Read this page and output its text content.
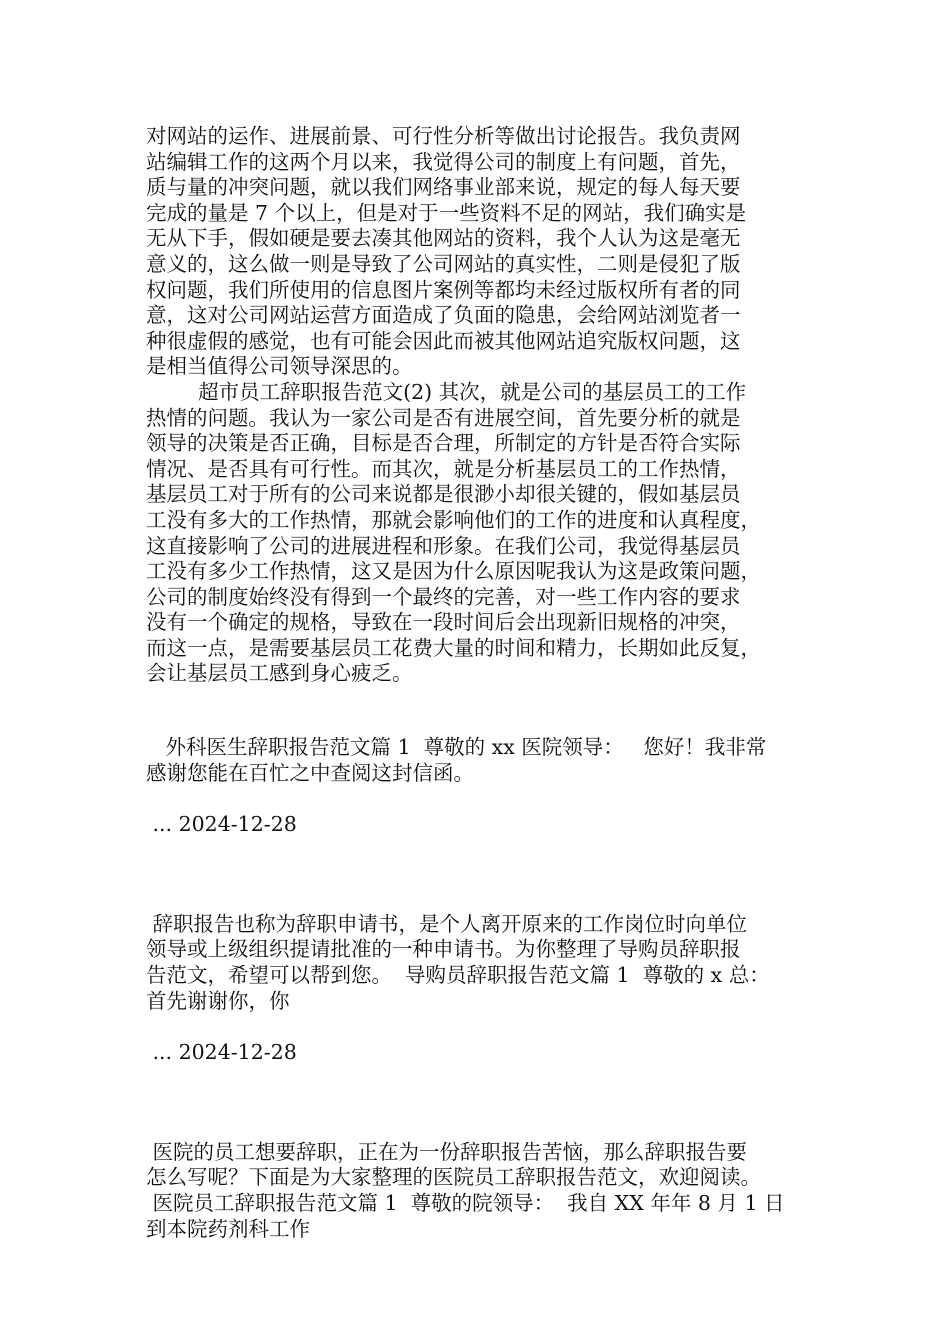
对网站的运作、进展前景、可行性分析等做出讨论报告。我负责网
站编辑工作的这两个月以来，我觉得公司的制度上有问题，首先，
质与量的冲突问题，就以我们网络事业部来说，规定的每人每天要
完成的量是 7 个以上，但是对于一些资料不足的网站，我们确实是
无从下手，假如硬是要去凑其他网站的资料，我个人认为这是毫无
意义的，这么做一则是导致了公司网站的真实性，二则是侵犯了版
权问题，我们所使用的信息图片案例等都均未经过版权所有者的同
意，这对公司网站运营方面造成了负面的隐患，会给网站浏览者一
种很虚假的感觉，也有可能会因此而被其他网站追究版权问题，这
是相当值得公司领导深思的。
超市员工辞职报告范文(2) 其次，就是公司的基层员工的工作
热情的问题。我认为一家公司是否有进展空间，首先要分析的就是
领导的决策是否正确，目标是否合理，所制定的方针是否符合实际
情况、是否具有可行性。而其次，就是分析基层员工的工作热情，
基层员工对于所有的公司来说都是很渺小却很关键的，假如基层员
工没有多大的工作热情，那就会影响他们的工作的进度和认真程度，
这直接影响了公司的进展进程和形象。在我们公司，我觉得基层员
工没有多少工作热情，这又是因为什么原因呢我认为这是政策问题，
公司的制度始终没有得到一个最终的完善，对一些工作内容的要求
没有一个确定的规格，导致在一段时间后会出现新旧规格的冲突，
而这一点，是需要基层员工花费大量的时间和精力，长期如此反复，
会让基层员工感到身心疲乏。
外科医生辞职报告范文篇 1  尊敬的 xx 医院领导：   您好！我非常
感谢您能在百忙之中查阅这封信函。
... 2024-12-28
辞职报告也称为辞职申请书，是个人离开原来的工作岗位时向单位
领导或上级组织提请批准的一种申请书。为你整理了导购员辞职报
告范文，希望可以帮到您。  导购员辞职报告范文篇 1  尊敬的 x 总：
首先谢谢你，你
... 2024-12-28
医院的员工想要辞职，正在为一份辞职报告苦恼，那么辞职报告要
怎么写呢？下面是为大家整理的医院员工辞职报告范文，欢迎阅读。
医院员工辞职报告范文篇 1  尊敬的院领导：  我自 XX 年年 8 月 1 日
到本院药剂科工作
